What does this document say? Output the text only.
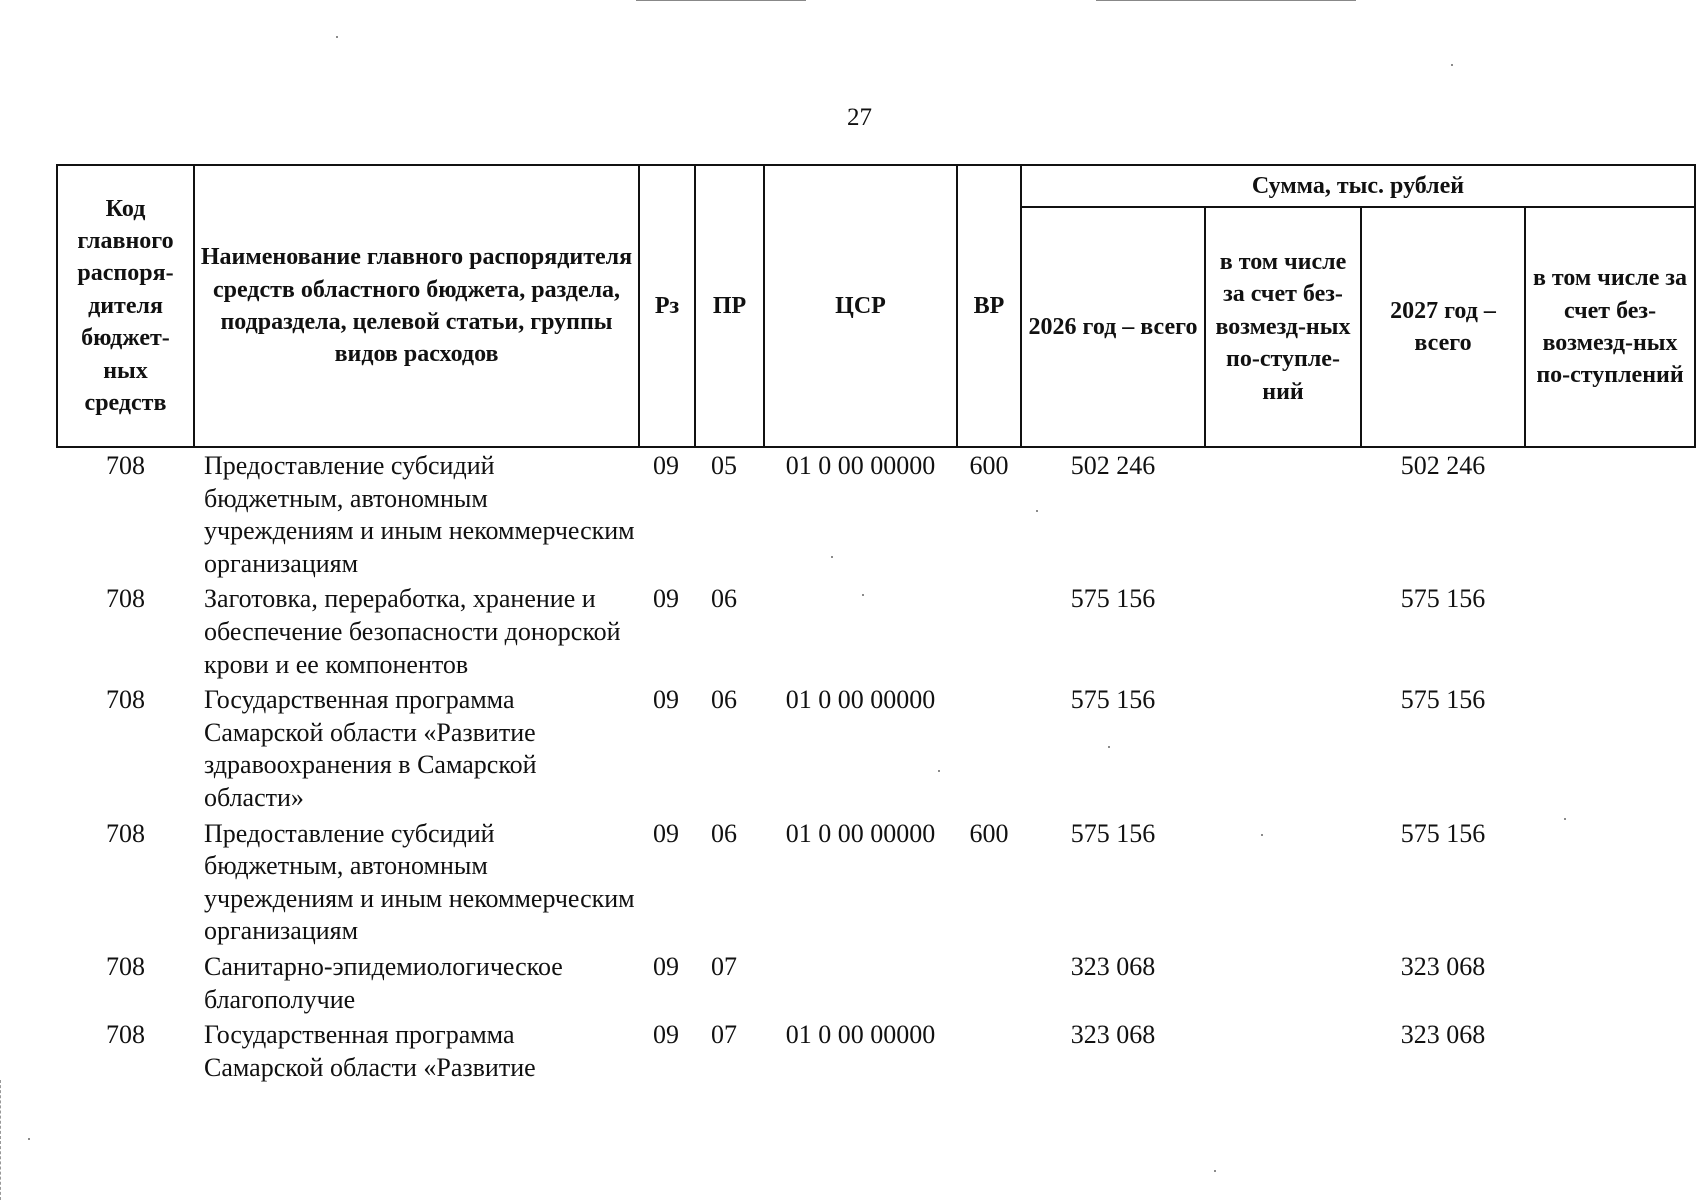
27
Код главного распоря-дителя бюджет-ных средств	Наименование главного распорядителя средств областного бюджета, раздела, подраздела, целевой статьи, группы видов расходов	Рз	ПР	ЦСР	ВР	Сумма, тыс. рублей			
						2026 год – всего	в том числе за счет без-возмезд-ных по-ступле-ний	2027 год – всего	в том числе за счет без-возмезд-ных по-ступлений
708	Предоставление субсидий бюджетным, автономным учреждениям и иным некоммерческим организациям	09	05	01 0 00 00000	600	502 246		502 246	
708	Заготовка, переработка, хранение и обеспечение безопасности донорской крови и ее компонентов	09	06			575 156		575 156	
708	Государственная программа Самарской области «Развитие здравоохранения в Самарской области»	09	06	01 0 00 00000		575 156		575 156	
708	Предоставление субсидий бюджетным, автономным учреждениям и иным некоммерческим организациям	09	06	01 0 00 00000	600	575 156		575 156	
708	Санитарно-эпидемиологическое благополучие	09	07			323 068		323 068	
708	Государственная программа Самарской области «Развитие	09	07	01 0 00 00000		323 068		323 068	
